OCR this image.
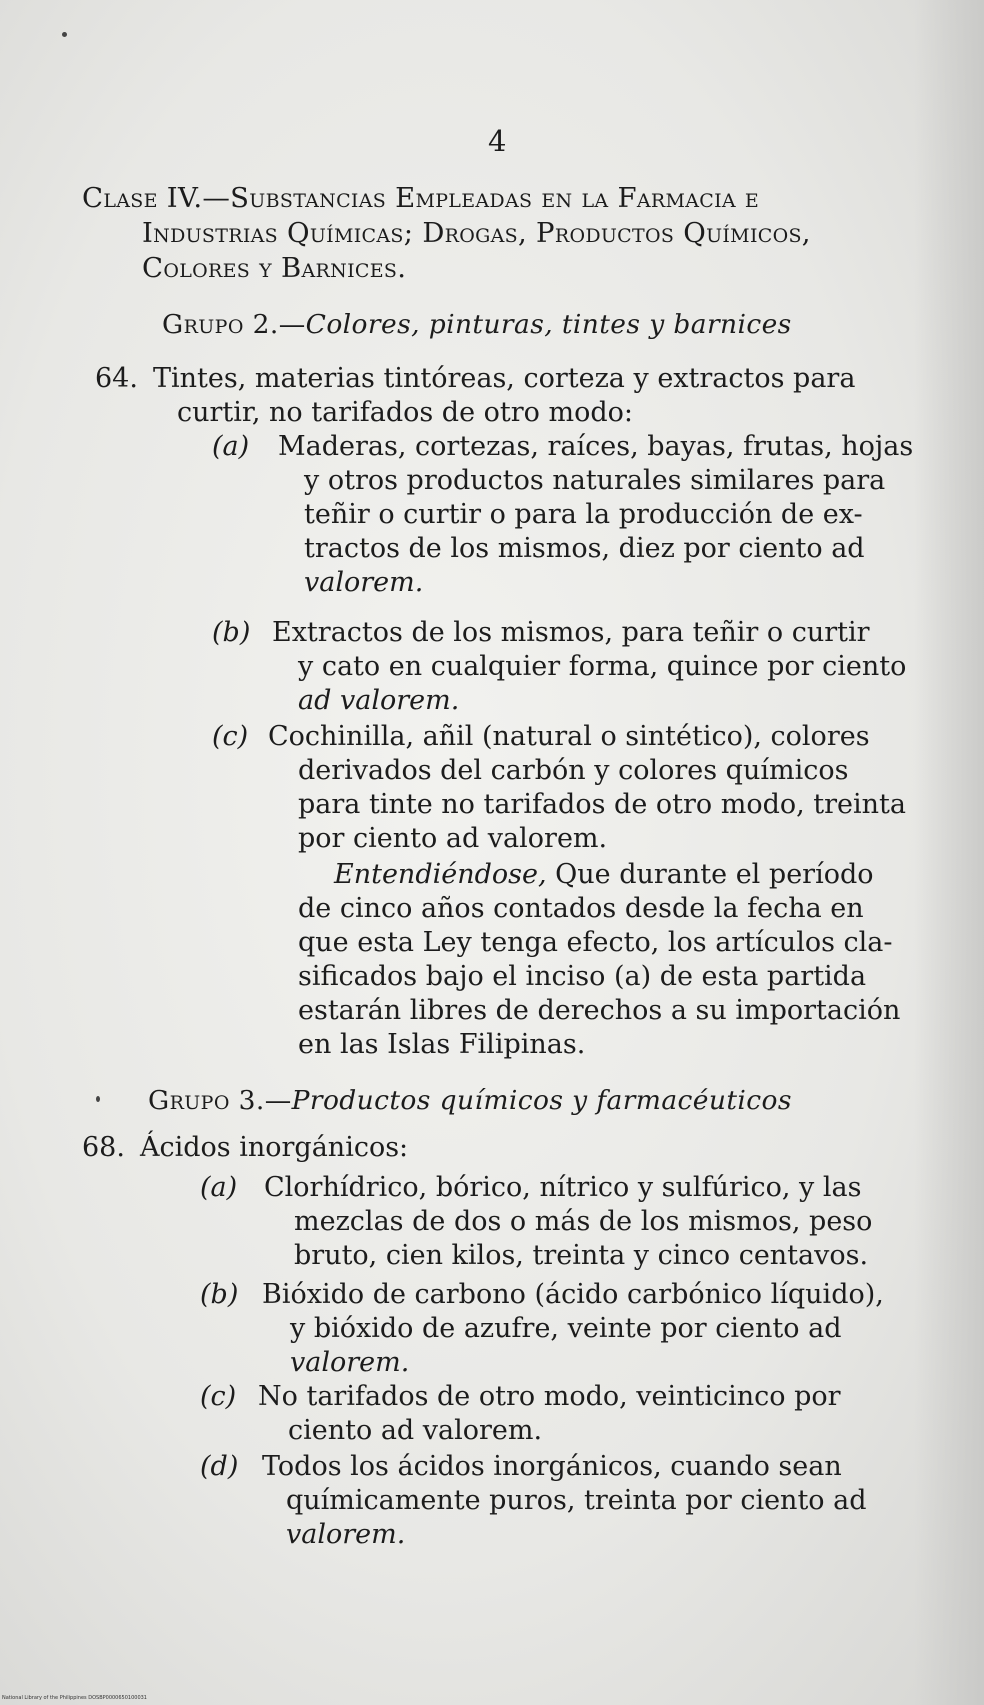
4
Clase IV.—Substancias Empleadas en la Farmacia e
Industrias Químicas; Drogas, Productos Químicos,
Colores y Barnices.
Grupo 2.—Colores, pinturas, tintes y barnices
64. Tintes, materias tintóreas, corteza y extractos para
curtir, no tarifados de otro modo:
(a)	Maderas, cortezas, raíces, bayas, frutas, hojas
y otros productos naturales similares para
teñir o curtir o para la producción de ex-
tractos de los mismos, diez por ciento ad
valorem.
(b) Extractos de los mismos, para teñir o curtir
y cato en cualquier forma, quince por ciento
ad valorem.
(c) Cochinilla, añil (natural o sintético), colores
derivados del carbón y colores químicos
para tinte no tarifados de otro modo, treinta
por ciento ad valorem.
Entendiéndose, Que durante el período
de cinco años contados desde la fecha en
que esta Ley tenga efecto, los artículos cla-
sificados bajo el inciso (a) de esta partida
estarán libres de derechos a su importación
en las Islas Filipinas.
Grupo 3.—Productos químicos y farmacéuticos
68. Ácidos inorgánicos:
(a) Clorhídrico, bórico, nítrico y sulfúrico, y las
mezclas de dos o más de los mismos, peso
bruto, cien kilos, treinta y cinco centavos.
(b) Bióxido de carbono (ácido carbónico líquido),
y bióxido de azufre, veinte por ciento ad
valorem.
(c) No tarifados de otro modo, veinticinco por
ciento ad valorem.
(d) Todos los ácidos inorgánicos, cuando sean
químicamente puros, treinta por ciento ad
valorem.
National Library of the Philippines DOSBP0000650100031
